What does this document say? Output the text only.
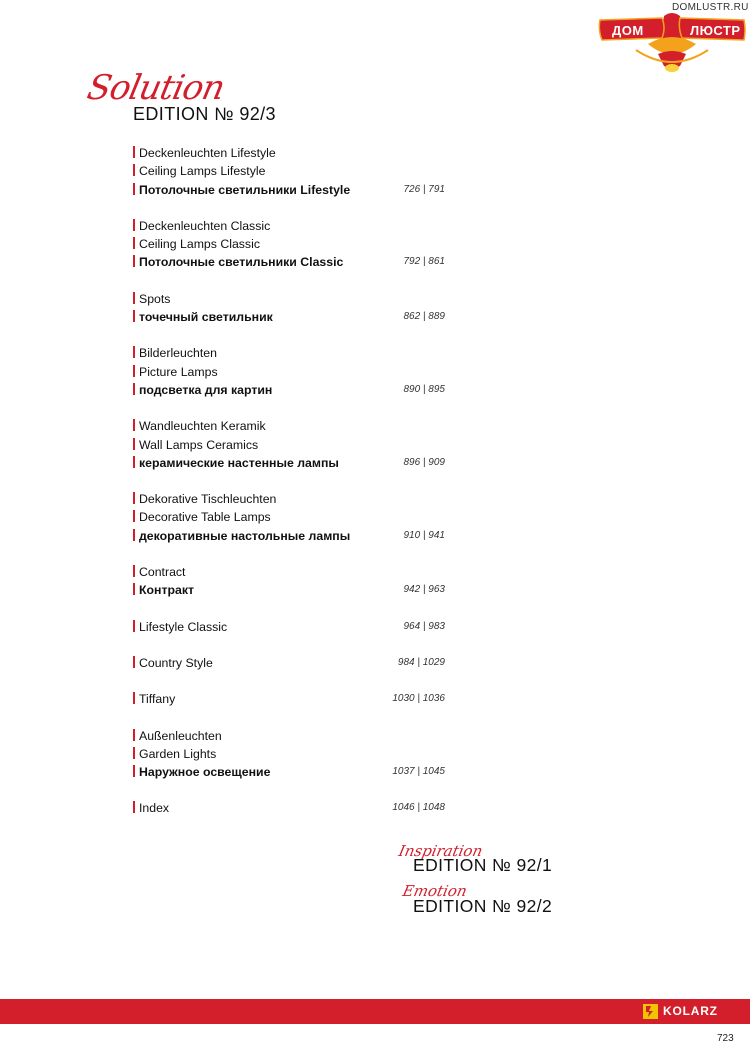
DOMLUSTR.RU
ДОМ	ЛЮСТР
Solution
EDITION № 92/3
Deckenleuchten Lifestyle
Ceiling Lamps Lifestyle
Потолочные светильники Lifestyle	726 | 791
Deckenleuchten Classic
Ceiling Lamps Classic
Потолочные светильники Classic	792 | 861
Spots
точечный светильник	862 | 889
Bilderleuchten
Picture Lamps
подсветка для картин	890 | 895
Wandleuchten Keramik
Wall Lamps Ceramics
керамические настенные лампы	896 | 909
Dekorative Tischleuchten
Decorative Table Lamps
декоративные настольные лампы	910 | 941
Contract
Контракт	942 | 963
Lifestyle Classic	964 | 983
Country Style	984 | 1029
Tiffany	1030 | 1036
Außenleuchten
Garden Lights
Наружное освещение	1037 | 1045
Index	1046 | 1048
Inspiration
EDITION № 92/1
Emotion
EDITION № 92/2
KOLARZ
723
